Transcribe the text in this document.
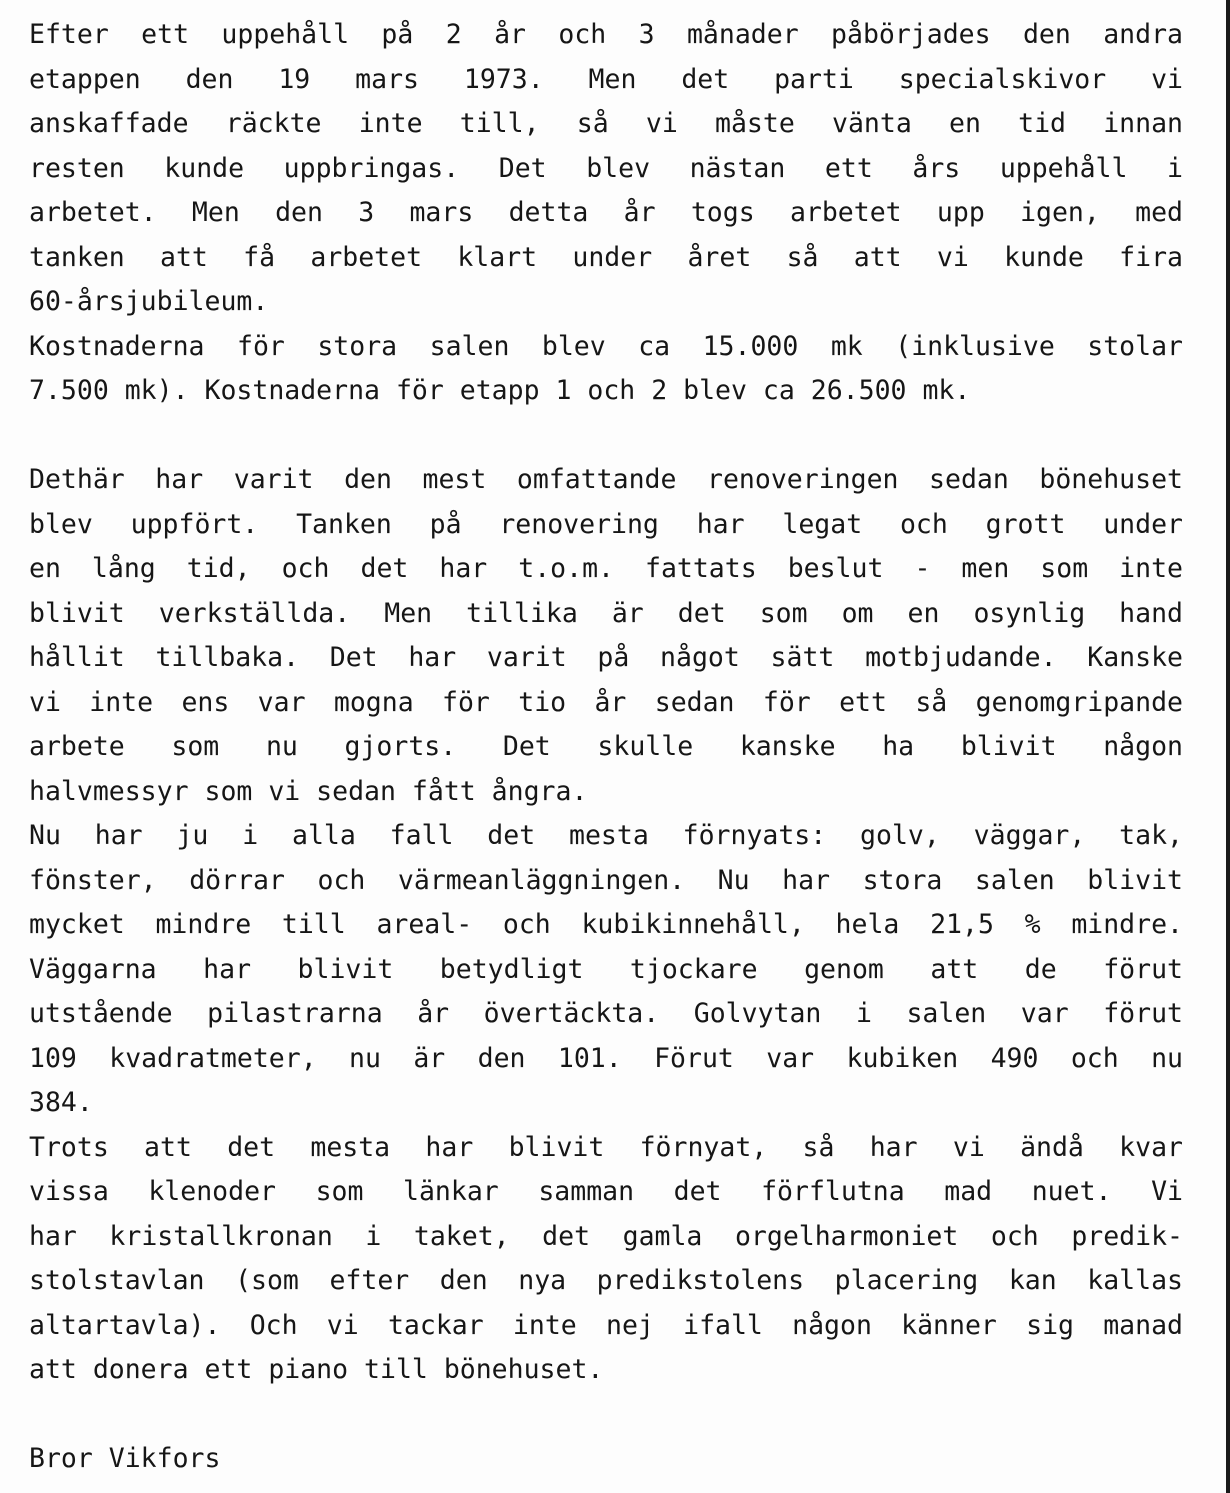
Efter ett uppehåll på 2 år och 3 månader påbörjades den andra
etappen den 19 mars 1973. Men det parti specialskivor vi
anskaffade räckte inte till, så vi måste vänta en tid innan
resten kunde uppbringas. Det blev nästan ett års uppehåll i
arbetet. Men den 3 mars detta år togs arbetet upp igen, med
tanken att få arbetet klart under året så att vi kunde fira
60-årsjubileum.
Kostnaderna för stora salen blev ca 15.000 mk (inklusive stolar
7.500 mk). Kostnaderna för etapp 1 och 2 blev ca 26.500 mk.
Dethär har varit den mest omfattande renoveringen sedan bönehuset
blev uppfört. Tanken på renovering har legat och grott under
en lång tid, och det har t.o.m. fattats beslut - men som inte
blivit verkställda. Men tillika är det som om en osynlig hand
hållit tillbaka. Det har varit på något sätt motbjudande. Kanske
vi inte ens var mogna för tio år sedan för ett så genomgripande
arbete som nu gjorts. Det skulle kanske ha blivit någon
halvmessyr som vi sedan fått ångra.
Nu har ju i alla fall det mesta förnyats: golv, väggar, tak,
fönster, dörrar och värmeanläggningen. Nu har stora salen blivit
mycket mindre till areal- och kubikinnehåll, hela 21,5 % mindre.
Väggarna har blivit betydligt tjockare genom att de förut
utstående pilastrarna år övertäckta. Golvytan i salen var förut
109 kvadratmeter, nu är den 101. Förut var kubiken 490 och nu
384.
Trots att det mesta har blivit förnyat, så har vi ändå kvar
vissa klenoder som länkar samman det förflutna mad nuet. Vi
har kristallkronan i taket, det gamla orgelharmoniet och predik-
stolstavlan (som efter den nya predikstolens placering kan kallas
altartavla). Och vi tackar inte nej ifall någon känner sig manad
att donera ett piano till bönehuset.
Bror Vikfors
